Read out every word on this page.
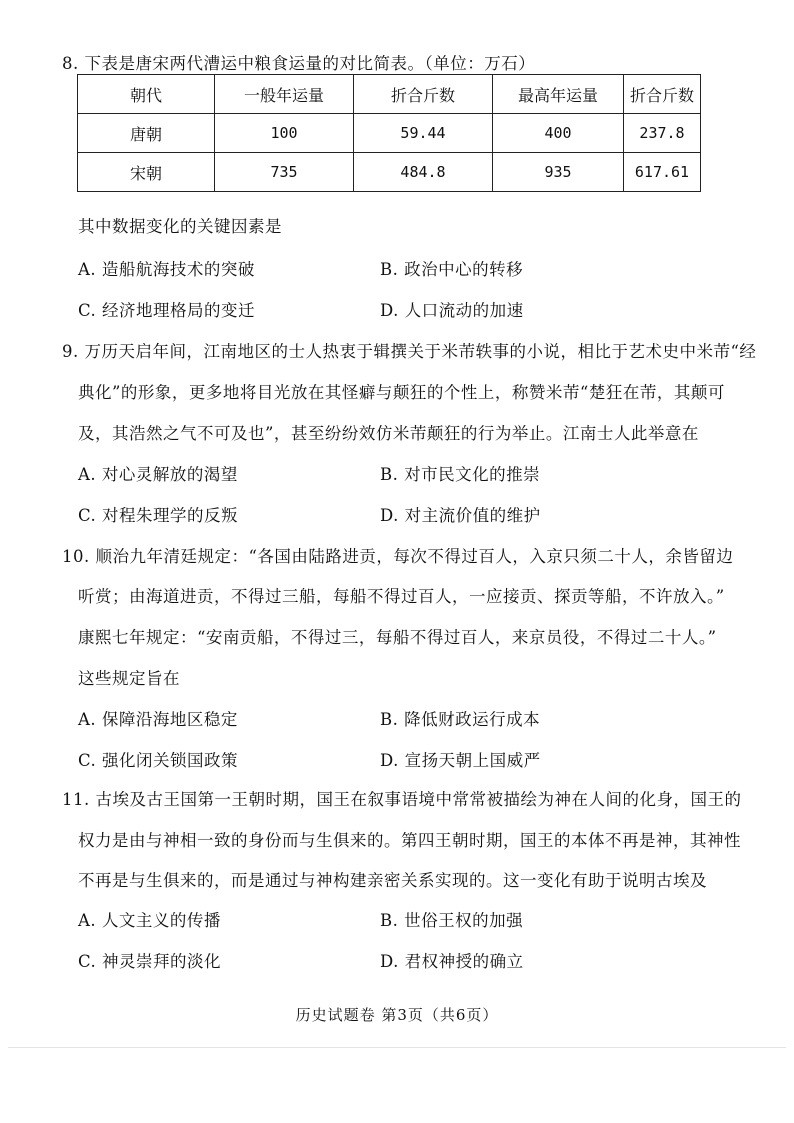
8. 下表是唐宋两代漕运中粮食运量的对比简表。（单位：万石）
朝代	一般年运量	折合斤数	最高年运量	折合斤数
唐朝	100	59.44	400	237.8
宋朝	735	484.8	935	617.61
其中数据变化的关键因素是
A. 造船航海技术的突破	B. 政治中心的转移
C. 经济地理格局的变迁	D. 人口流动的加速
9. 万历天启年间，江南地区的士人热衷于辑撰关于米芾轶事的小说，相比于艺术史中米芾“经
典化”的形象，更多地将目光放在其怪癖与颠狂的个性上，称赞米芾“楚狂在芾，其颠可
及，其浩然之气不可及也”，甚至纷纷效仿米芾颠狂的行为举止。江南士人此举意在
A. 对心灵解放的渴望	B. 对市民文化的推崇
C. 对程朱理学的反叛	D. 对主流价值的维护
10. 顺治九年清廷规定：“各国由陆路进贡，每次不得过百人，入京只须二十人，余皆留边
听赏；由海道进贡，不得过三船，每船不得过百人，一应接贡、探贡等船，不许放入。”
康熙七年规定：“安南贡船，不得过三，每船不得过百人，来京员役，不得过二十人。”
这些规定旨在
A. 保障沿海地区稳定	B. 降低财政运行成本
C. 强化闭关锁国政策	D. 宣扬天朝上国威严
11. 古埃及古王国第一王朝时期，国王在叙事语境中常常被描绘为神在人间的化身，国王的
权力是由与神相一致的身份而与生俱来的。第四王朝时期，国王的本体不再是神，其神性
不再是与生俱来的，而是通过与神构建亲密关系实现的。这一变化有助于说明古埃及
A. 人文主义的传播	B. 世俗王权的加强
C. 神灵崇拜的淡化	D. 君权神授的确立
历史试题卷 第3页（共6页）
